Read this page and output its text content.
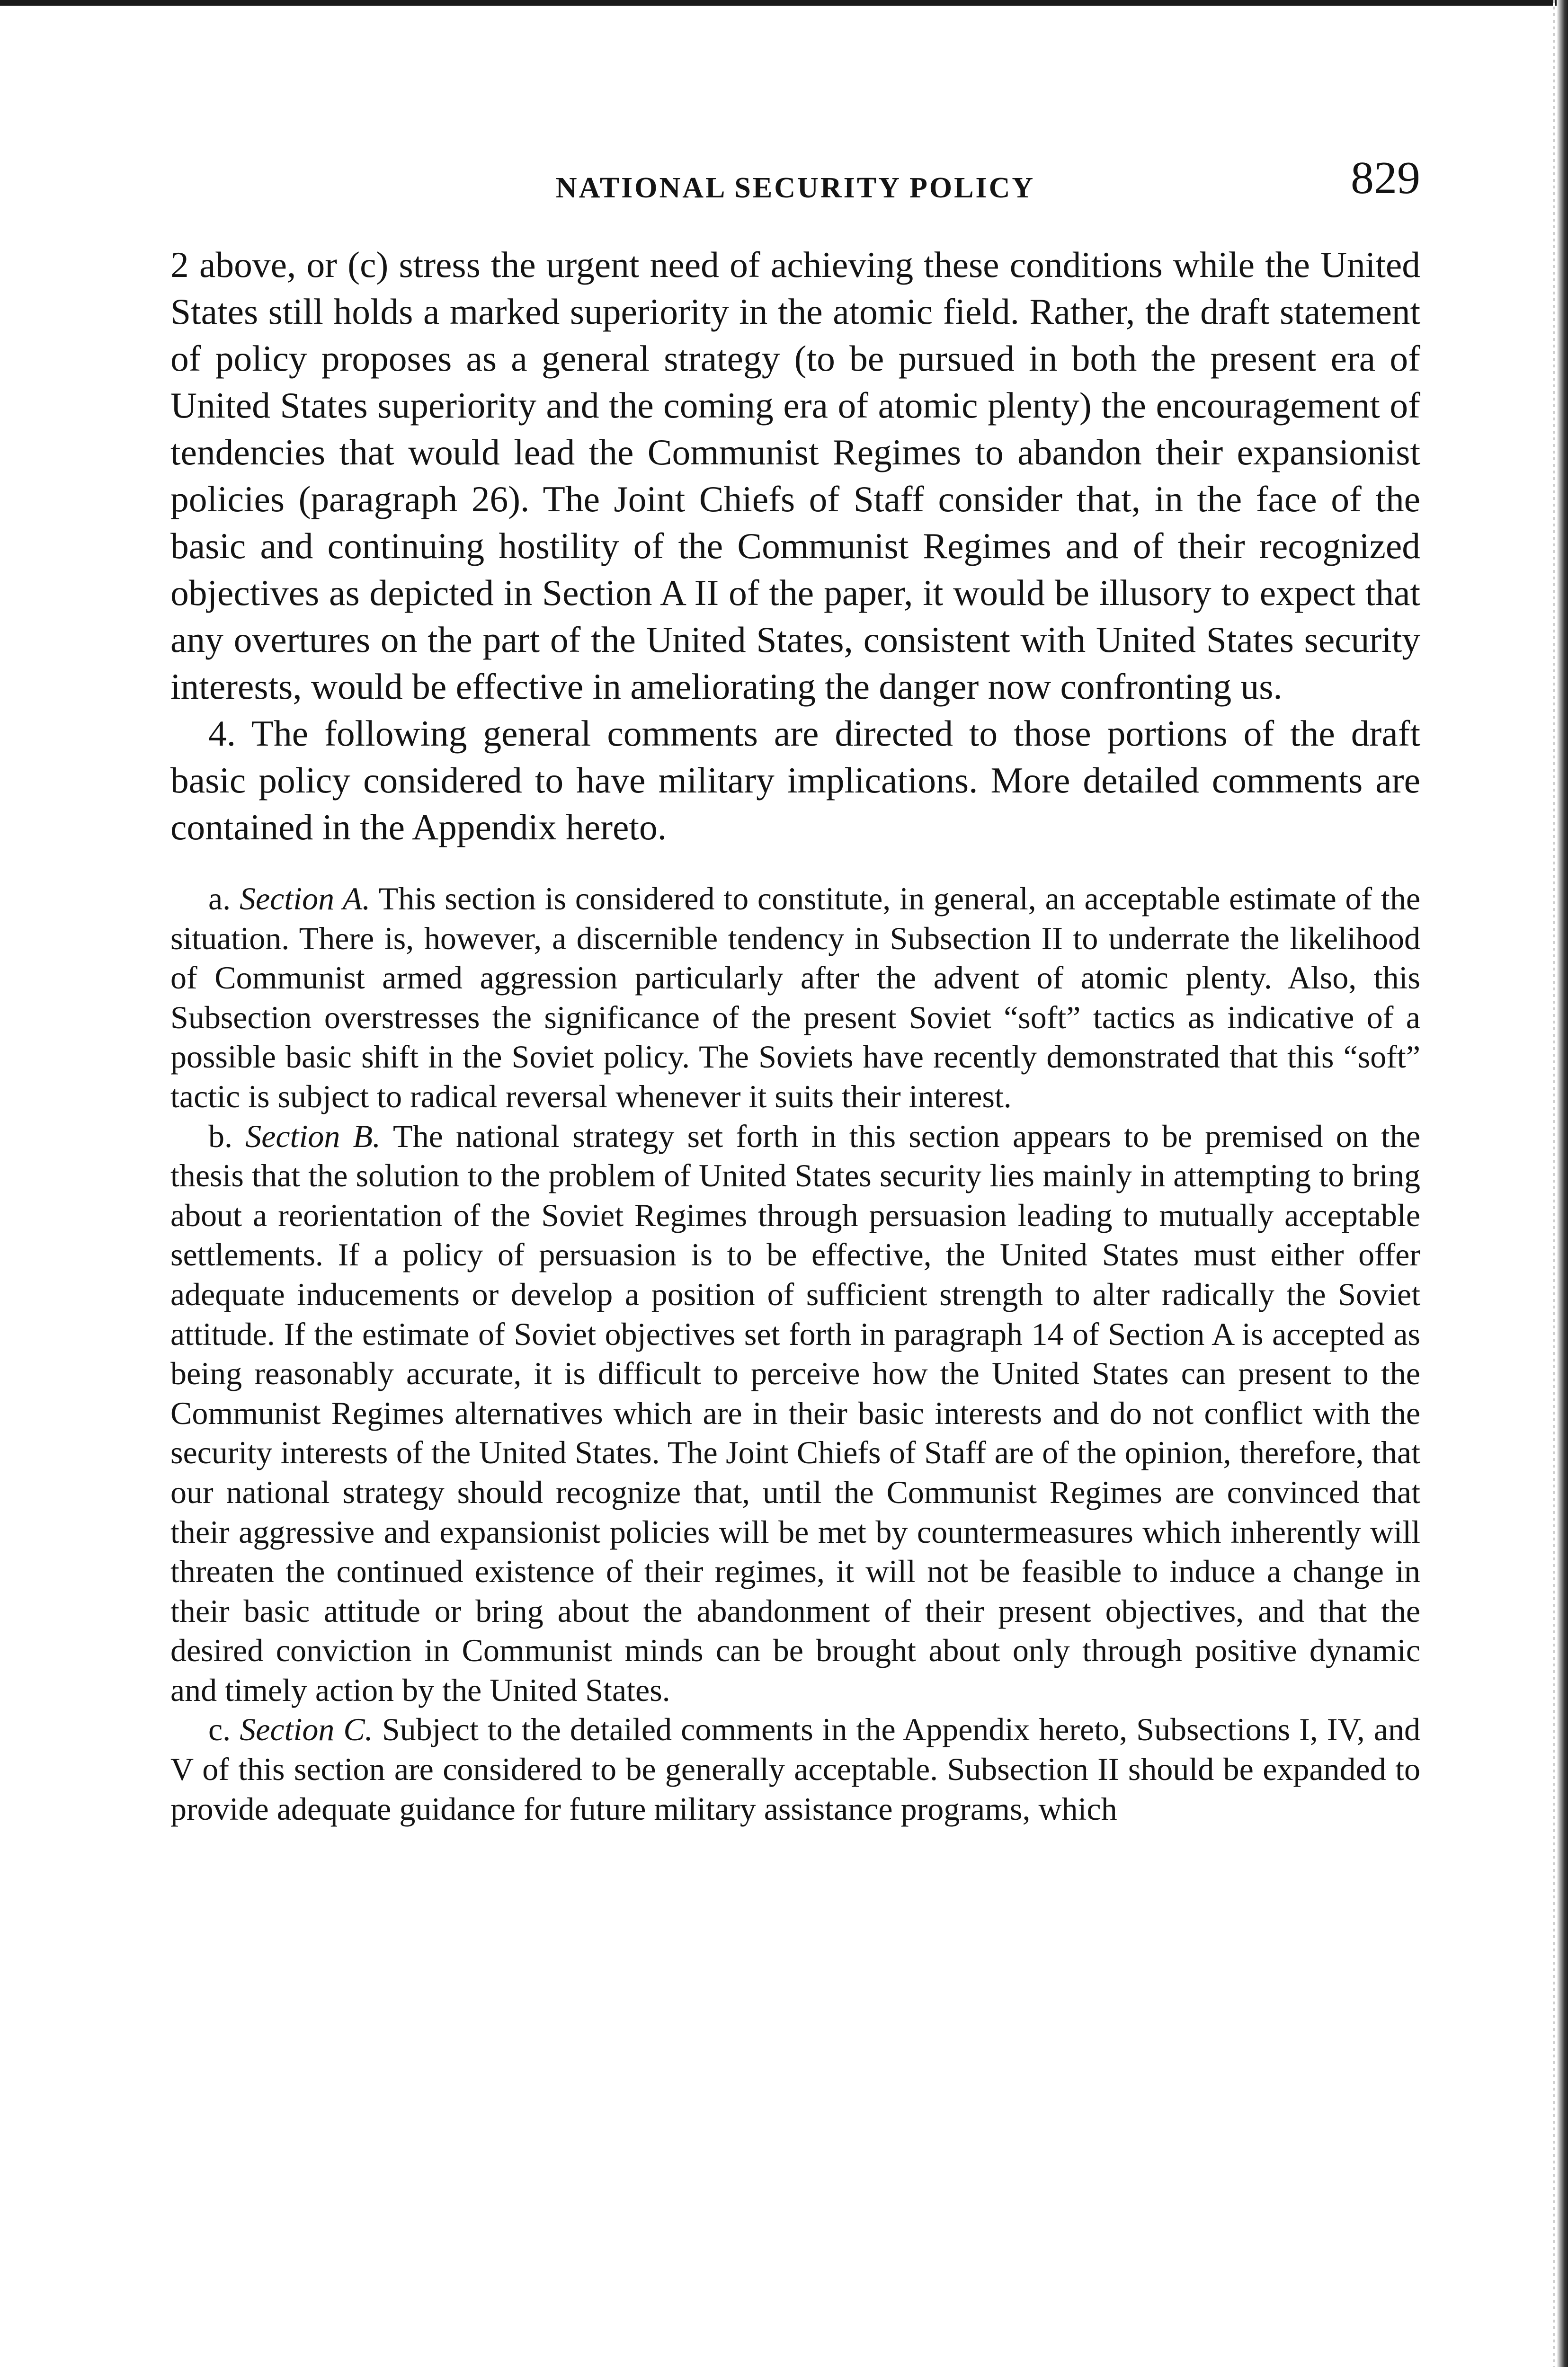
NATIONAL SECURITY POLICY	829

2 above, or (c) stress the urgent need of achieving these conditions while the United States still holds a marked superiority in the atomic field. Rather, the draft statement of policy proposes as a general strategy (to be pursued in both the present era of United States superiority and the coming era of atomic plenty) the encouragement of tendencies that would lead the Communist Regimes to abandon their expansionist policies (paragraph 26). The Joint Chiefs of Staff consider that, in the face of the basic and continuing hostility of the Communist Regimes and of their recognized objectives as depicted in Section A II of the paper, it would be illusory to expect that any overtures on the part of the United States, consistent with United States security interests, would be effective in ameliorating the danger now confronting us.

4. The following general comments are directed to those portions of the draft basic policy considered to have military implications. More detailed comments are contained in the Appendix hereto.

a. Section A. This section is considered to constitute, in general, an acceptable estimate of the situation. There is, however, a discernible tendency in Subsection II to underrate the likelihood of Communist armed aggression particularly after the advent of atomic plenty. Also, this Subsection overstresses the significance of the present Soviet “soft” tactics as indicative of a possible basic shift in the Soviet policy. The Soviets have recently demonstrated that this “soft” tactic is subject to radical reversal whenever it suits their interest.

b. Section B. The national strategy set forth in this section appears to be premised on the thesis that the solution to the problem of United States security lies mainly in attempting to bring about a reorientation of the Soviet Regimes through persuasion leading to mutually acceptable settlements. If a policy of persuasion is to be effective, the United States must either offer adequate inducements or develop a position of sufficient strength to alter radically the Soviet attitude. If the estimate of Soviet objectives set forth in paragraph 14 of Section A is accepted as being reasonably accurate, it is difficult to perceive how the United States can present to the Communist Regimes alternatives which are in their basic interests and do not conflict with the security interests of the United States. The Joint Chiefs of Staff are of the opinion, therefore, that our national strategy should recognize that, until the Communist Regimes are convinced that their aggressive and expansionist policies will be met by countermeasures which inherently will threaten the continued existence of their regimes, it will not be feasible to induce a change in their basic attitude or bring about the abandonment of their present objectives, and that the desired conviction in Communist minds can be brought about only through positive dynamic and timely action by the United States.

c. Section C. Subject to the detailed comments in the Appendix hereto, Subsections I, IV, and V of this section are considered to be generally acceptable. Subsection II should be expanded to provide adequate guidance for future military assistance programs, which
